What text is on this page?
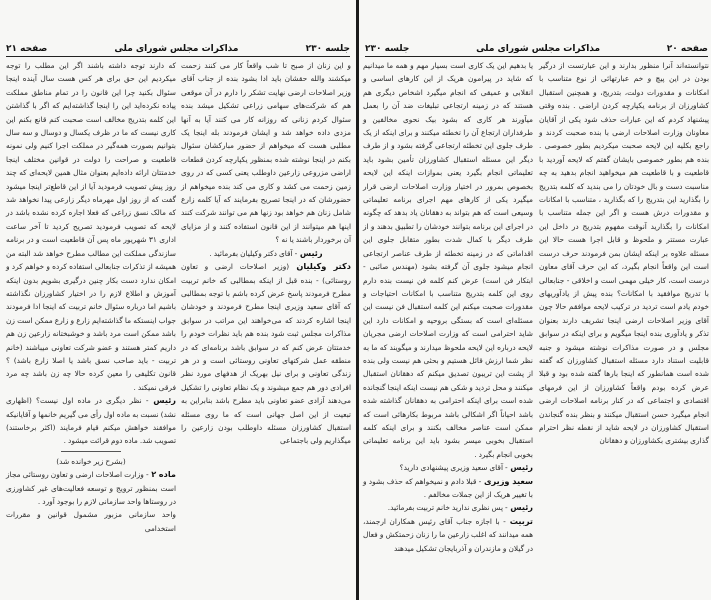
جلسه ۲۳۰
مذاکرات مجلس شورای ملی
صفحه ۲۱

و این زنان از صبح تا شب واقعاً کار می کنند زحمت میکشند والله حقشان باید ادا بشود بنده از جناب آقای وزیر اصلاحات ارضی نهایت تشکر را دارم در آن موقعی هم که شرکت‌های سهامی زراعی تشکیل میشد بنده سئوال کردم زنانی که روزانه کار می کنند آیا به آنها مزدی داده خواهد شد و ایشان فرمودند بله اینجا یک مطلبی هست که میخواهم از حضور مبارکشان سئوال بکنم در اینجا نوشته شده بمنظور یکپارچه کردن قطعات اراضی مزروعی زارعین داوطلب یعنی کسی که در روی زمین زحمت می کشد و کاری می کند بنده میخواهم از حضورشان که در اینجا تصریح بفرمایند که آیا کلمه زارع شامل زنان هم خواهد بود زنها هم می توانند شرکت کنند اینها هم میتوانند از این قانون استفاده کنند و از مزایای آن برخوردار باشند یا نه ؟

رئیس - آقای دکتر وکیلیان بفرمائید .

دکتر وکیلیان (وزیر اصلاحات ارضی و تعاون روستائی) - بنده قبل از اینکه بمطالبی که خانم تربیت مطرح فرمودند پاسخ عرض کرده باشم با توجه بمطالبی که آقای سعید وزیری اینجا مطرح فرمودند و خودشان اینجا اشاره کردند که می‌خواهند این مراتب در سوابق مذاکرات مجلس ثبت شود بنده هم باید نظرات خودم را خدمتتان عرض کنم که در سوابق باشد برنامه‌ای که در منطقه عمل شرکتهای تعاونی روستائی است و در هر زندگی تعاونی و برای نیل بهریک از هدفهای مورد نظر افرادی دور هم جمع میشوند و یک نظام تعاونی را تشکیل می‌دهند آزادی عضو تعاونی باید مطرح باشد بنابراین به تبعیت از این اصل جهانی است که ما روی مسئله استقبال کشاورزان مسئله داوطلب بودن زارعین را میگذاریم ولی باجتماعی

که دارند توجه داشته باشند اگر این مطلب را توجه میکردیم این حق برای هر کس هست سال آینده اینجا سئوال بکنید چرا این قانون را در تمام مناطق مملکت پیاده نکرده‌اید این را اینجا گذاشته‌ایم که اگر با گذاشتن این کلمه بتدریج مخالف است صحبت کنم قانع بکنم این کاری نیست که ما در ظرف یکسال و دوسال و سه سال بتوانیم بصورت همه‌گیر در مملکت اجرا کنیم ولی نمونه قاطعیت و صراحت را دولت در قوانین مختلف اینجا خدمتتان ارائه داده‌ایم بعنوان مثال همین لایحه‌ای که چند روز پیش تصویب فرمودید آیا از این قاطع‌تر اینجا میشود گفت که از روز اول مهرماه دیگر زارعی پیدا نخواهد شد که مالک نسق زراعی که فعلا اجاره کرده نشده باشد در لایحه که تصویب فرمودید تصریح کردید تا آخر ساعت اداری ۳۱ شهریور ماه پس آن قاطعیت است و در برنامه سازندگی مملکت این مطالب مطرح خواهد شد البته من همیشه از تذکرات جنابعالی استفاده کرده و خواهم کرد و امکان ندارد دست بکار چنین درگیری بشویم بدون اینکه آموزش و اطلاع لازم را در اختیار کشاورزان نگذاشته باشیم اما درباره سئوال خانم تربیت که اینجا ادا فرمودند جواب اینستکه ما گذاشته‌ایم زارع و زارع ممکن است زن باشد ممکن است مرد باشد و خوشبختانه زارعین زن هم داریم کمتر هستند و عضو شرکت تعاونی میباشند (خانم تربیت - باید صاحب نسق باشد یا اصلا زارع باشد) ؟ قانون تکلیفی را معین کرده حالا چه زن باشد چه مرد فرقی نمیکند .

رئیس - نظر دیگری در ماده اول نیست؟ (اظهاری نشد) نسبت به ماده اول رأی می گیریم خانمها و آقایانیکه موافقند خواهش میکنم قیام فرمایند (اکثر برخاستند) تصویب شد. ماده دوم قرائت میشود .

(بشرح زیر خوانده شد)

ماده ۲ - وزارت اصلاحات ارضی و تعاون روستائی مجاز است بمنظور ترویج و توسعه فعالیت‌های غیر کشاورزی در روستاها واحد سازمانی لازم را بوجود آورد .

واحد سازمانی مزبور مشمول قوانین و مقررات استخدامی

صفحه ۲۰
مذاکرات مجلس شورای ملی
جلسه ۲۳۰

یا بدهیم این یک کاری است بسیار مهم و همه ما میدانیم که شاید در پیرامون هریک از این کارهای اساسی و انقلابی و عمیقی که انجام میگیرد اشخاص دیگری هم هستند که در زمینه ارتجاعی تبلیغات ضد آن را بعمل میآورند هر کاری که بشود بیک نحوی مخالفین و طرفداران ارتجاع آن را تخطئه میکنند و برای اینکه از یک طرف جلوی این تخطئه ارتجاعی گرفته بشود و از طرف دیگر این مسئله استقبال کشاورزان تأمین بشود باید تعلیماتی انجام بگیرد یعنی بموازات اینکه این لایحه بخصوص بمرور در اختیار وزارت اصلاحات ارضی قرار میگیرد یکی از کارهای مهم اجرای برنامه تعلیماتی وسیعی است که هم بتواند به دهقانان یاد بدهد که چگونه در اجرای این برنامه بتوانند خودشان را تطبیق بدهند و از طرف دیگر با کمال شدت بطور متقابل جلوی این اقداماتی که در زمینه تخطئه از طرف عناصر ارتجاعی انجام میشود جلوی آن گرفته بشود (مهندس صائبی - ابتکار فن است) عرض کنم کلمه فن نیست بنده دارم روی این کلمه بتدریج متناسب با امکانات احتیاجات و مقدورات صحبت میکنم این کلمه استقبال فن نیست این مسئله‌ای است که بستگی بروحیه و امکانات دارد این شاید احترامی است که وزارت اصلاحات ارضی مجریان لایحه درباره این لایحه ملحوظ میدارند و میگویند که ما به نظر شما ارزش قائل هستیم و بحثی هم نیست ولی بنده از پشت این تریبون تصدیق میکنم که دهقانان استقبال میکنند و محل تردید و شکی هم نیست اینکه اینجا گنجانده شده است برای اینکه احترامی به دهقانان گذاشته شده باشد احیاناً اگر اشکالی باشد مربوط بکارهائی است که ممکن است عناصر مخالف بکنند و برای اینکه کلمه استقبال بخوبی میسر بشود باید این برنامه تعلیماتی بخوبی انجام بگیرد .

رئیس - آقای سعید وزیری پیشنهادی دارید؟

سعید وزیری - قبلا دادم و نمیخواهم که حذف بشود و با تغییر هریک از این جملات مخالفم .

رئیس - پس نظری ندارید خانم تربیت بفرمائید.

تربیت - با اجازه جناب آقای رئیس همکاران ارجمند، همه میدانند که اغلب زارعین ما را زنان زحمتکش و فعال در گیلان و مازندران و آذربایجان تشکیل میدهند

نتوانسته‌اند آنرا منظور بدارند و این عبارتست از درگیر بودن در این پیچ و خم عبارتهائی از نوع متناسب با امکانات و مقدورات دولت، بتدریج، و همچنین استقبال کشاورزان از برنامه یکپارچه کردن اراضی . بنده وقتی پیشنهاد کردم که این عبارات حذف شود یکی از آقایان معاونان وزارت اصلاحات ارضی با بنده صحبت کردند و راجع بکلیه این لایحه صحبت میکردیم بطور خصوصی . بنده هم بطور خصوصی بایشان گفتم که لایحه آوردید با قاطعیت و با قاطعیت هم میخواهید انجام بدهید به چه مناسبت دست و بال خودتان را می بندید که کلمه بتدریج را بگذارید این بتدریج را که بگذارید ، متناسب با امکانات و مقدورات درش هست و اگر این جمله متناسب با امکانات را بگذارید آنوقت مفهوم بتدریج در داخل این عبارت مستتر و ملحوظ و قابل اجرا هست حالا این مسئله علاوه بر اینکه ایشان بمن فرمودند حرف درست است این واقعاً انجام بگیرد، که این حرف آقای معاون درست است، کار خیلی مهمی است و اخلاقی - جنابعالی با تدریج موافقید با امکانات؟ بنده پیش از یادآوریهای خودم یادم است تردید در ترکیب لایحه موافقم حالا چون آقای وزیر اصلاحات ارضی اینجا تشریف دارند بعنوان تذکر و یادآوری بنده اینجا میگویم و برای اینکه در سوابق مجلس و در صورت مذاکرات نوشته میشود و جنبه قابلیت استناد دارد مسئله استقبال کشاورزان که گفته شده است همانطور که اینجا بارها گفته شده بود و قبلا عرض کرده بودم واقعاً کشاورزان از این فرمهای اقتصادی و اجتماعی که در کنار برنامه اصلاحات ارضی انجام میگیرد حسن استقبال میکنند و بنظر بنده گنجاندن استقبال کشاورزان در لایحه شاید از نقطه نظر احترام گذاری بیشتری بکشاورزان و دهقانان
